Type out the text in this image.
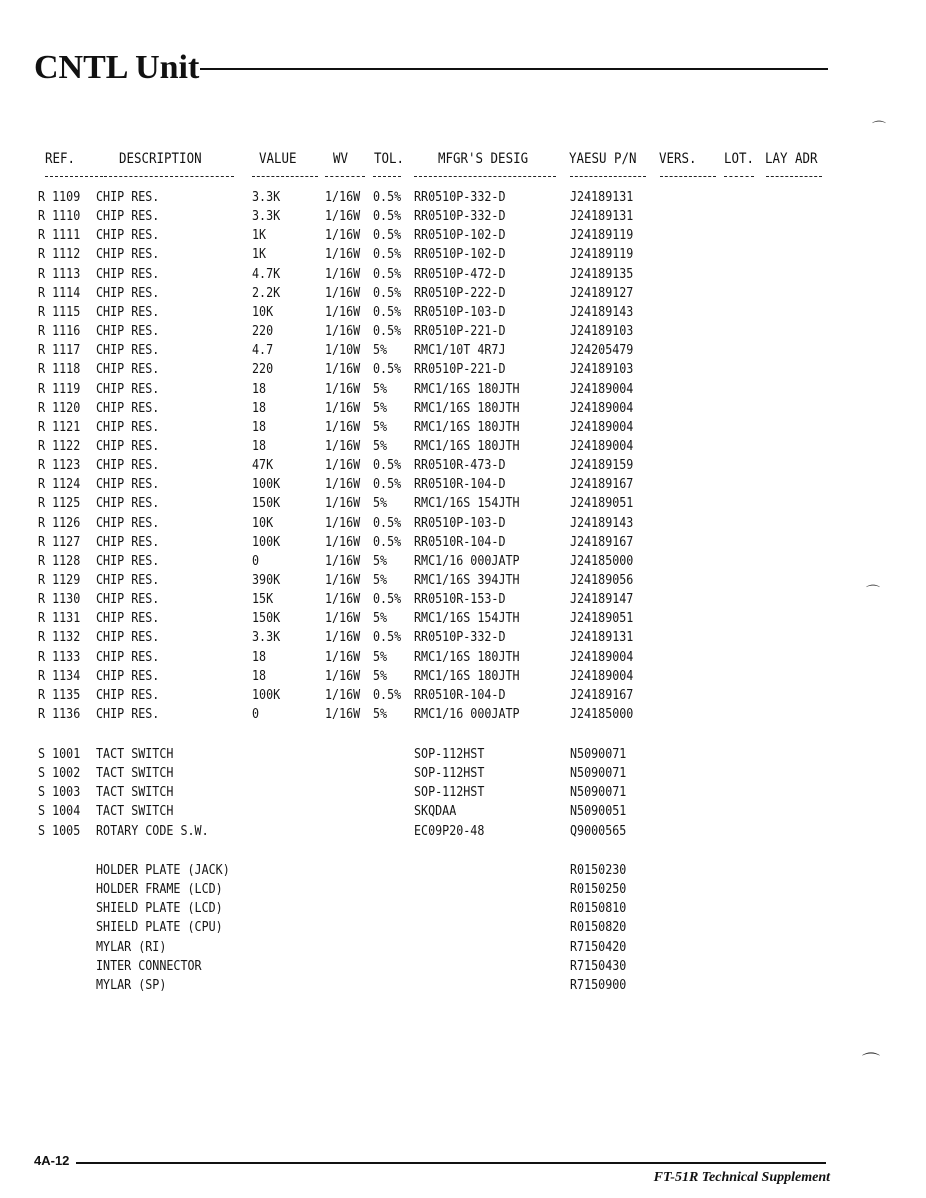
CNTL Unit
REF.	DESCRIPTION	VALUE	WV TOL. MFGR'S DESIG	YAESU P/N VERS. LOT. LAY ADR
R 1109 CHIP RES.	3.3K	1/16W 0.5% RR0510P-332-D	J24189131
R 1110 CHIP RES.	3.3K	1/16W 0.5% RR0510P-332-D	J24189131
R 1111 CHIP RES.	1K	1/16W 0.5% RR0510P-102-D	J24189119
R 1112 CHIP RES.	1K	1/16W 0.5% RR0510P-102-D	J24189119
R 1113 CHIP RES.	4.7K	1/16W 0.5% RR0510P-472-D	J24189135
R 1114 CHIP RES.	2.2K	1/16W 0.5% RR0510P-222-D	J24189127
R 1115 CHIP RES.	10K	1/16W 0.5% RR0510P-103-D	J24189143
R 1116 CHIP RES.	220	1/16W 0.5% RR0510P-221-D	J24189103
R 1117 CHIP RES.	4.7	1/10W 5% RMC1/10T 4R7J	J24205479
R 1118 CHIP RES.	220	1/16W 0.5% RR0510P-221-D	J24189103
R 1119 CHIP RES.	18	1/16W 5% RMC1/16S 180JTH	J24189004
R 1120 CHIP RES.	18	1/16W 5% RMC1/16S 180JTH	J24189004
R 1121 CHIP RES.	18	1/16W 5% RMC1/16S 180JTH	J24189004
R 1122 CHIP RES.	18	1/16W 5% RMC1/16S 180JTH	J24189004
R 1123 CHIP RES.	47K	1/16W 0.5% RR0510R-473-D	J24189159
R 1124 CHIP RES.	100K	1/16W 0.5% RR0510R-104-D	J24189167
R 1125 CHIP RES.	150K	1/16W 5% RMC1/16S 154JTH	J24189051
R 1126 CHIP RES.	10K	1/16W 0.5% RR0510P-103-D	J24189143
R 1127 CHIP RES.	100K	1/16W 0.5% RR0510R-104-D	J24189167
R 1128 CHIP RES.	0	1/16W 5% RMC1/16 000JATP	J24185000
R 1129 CHIP RES.	390K	1/16W 5% RMC1/16S 394JTH	J24189056
R 1130 CHIP RES.	15K	1/16W 0.5% RR0510R-153-D	J24189147
R 1131 CHIP RES.	150K	1/16W 5% RMC1/16S 154JTH	J24189051
R 1132 CHIP RES.	3.3K	1/16W 0.5% RR0510P-332-D	J24189131
R 1133 CHIP RES.	18	1/16W 5% RMC1/16S 180JTH	J24189004
R 1134 CHIP RES.	18	1/16W 5% RMC1/16S 180JTH	J24189004
R 1135 CHIP RES.	100K	1/16W 0.5% RR0510R-104-D	J24189167
R 1136 CHIP RES.	0	1/16W 5% RMC1/16 000JATP	J24185000
S 1001 TACT SWITCH	SOP-112HST	N5090071
S 1002 TACT SWITCH	SOP-112HST	N5090071
S 1003 TACT SWITCH	SOP-112HST	N5090071
S 1004 TACT SWITCH	SKQDAA	N5090051
S 1005 ROTARY CODE S.W.	EC09P20-48	Q9000565
HOLDER PLATE (JACK)	R0150230
HOLDER FRAME (LCD)	R0150250
SHIELD PLATE (LCD)	R0150810
SHIELD PLATE (CPU)	R0150820
MYLAR (RI)	R7150420
INTER CONNECTOR	R7150430
MYLAR (SP)	R7150900
⌒
⌒
⌒
4A-12
FT-51R Technical Supplement
